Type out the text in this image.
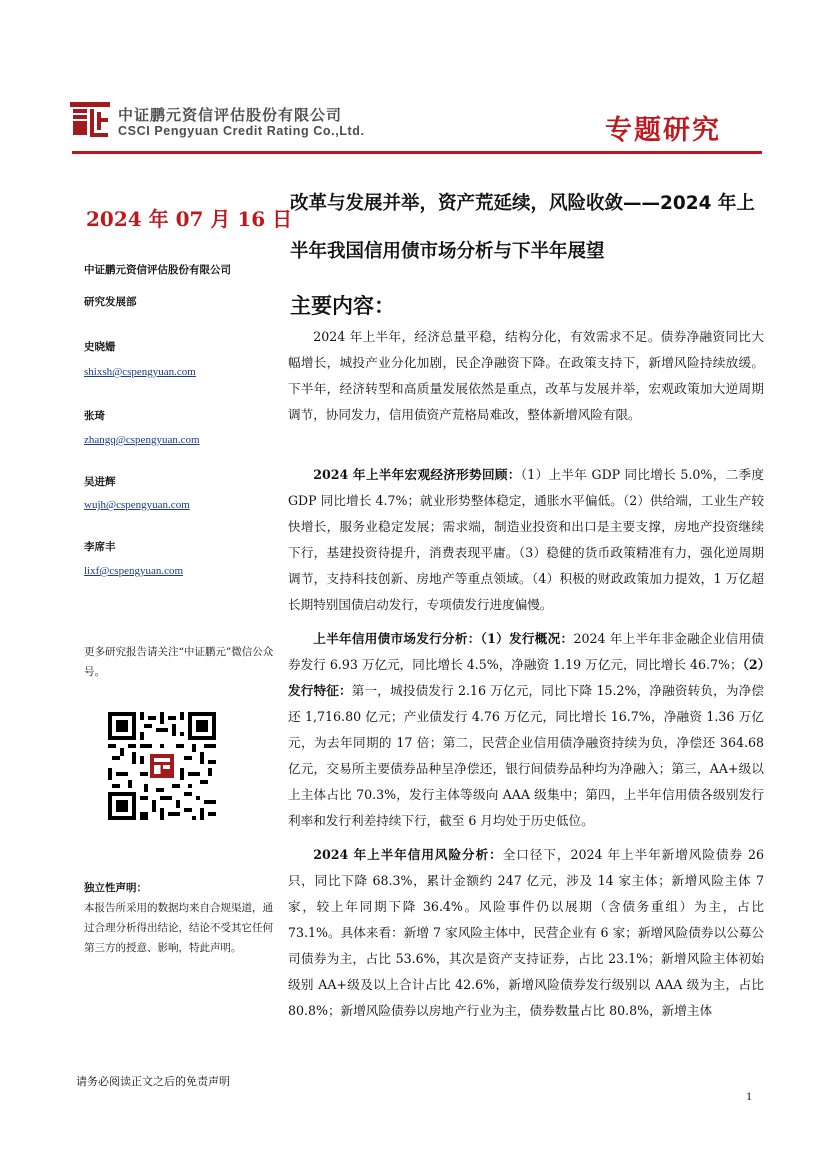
中证鹏元资信评估股份有限公司
CSCI Pengyuan Credit Rating Co.,Ltd.	专题研究
2024 年 07 月 16 日
中证鹏元资信评估股份有限公司
研究发展部
史晓姗
shixsh@cspengyuan.com
张琦
zhangq@cspengyuan.com
吴进辉
wujh@cspengyuan.com
李席丰
lixf@cspengyuan.com
更多研究报告请关注“中证鹏元”微信公众号。
独立性声明：
本报告所采用的数据均来自合规渠道，通过合理分析得出结论，结论不受其它任何第三方的授意、影响，特此声明。
改革与发展并举，资产荒延续，风险收敛——2024 年上半年我国信用债市场分析与下半年展望
主要内容：

2024 年上半年，经济总量平稳，结构分化，有效需求不足。债券净融资同比大幅增长，城投产业分化加剧，民企净融资下降。在政策支持下，新增风险持续放缓。下半年，经济转型和高质量发展依然是重点，改革与发展并举，宏观政策加大逆周期调节，协同发力，信用债资产荒格局难改，整体新增风险有限。

2024 年上半年宏观经济形势回顾：（1）上半年 GDP 同比增长 5.0%，二季度 GDP 同比增长 4.7%；就业形势整体稳定，通胀水平偏低。（2）供给端，工业生产较快增长，服务业稳定发展；需求端，制造业投资和出口是主要支撑，房地产投资继续下行，基建投资待提升，消费表现平庸。（3）稳健的货币政策精准有力，强化逆周期调节，支持科技创新、房地产等重点领域。（4）积极的财政政策加力提效，1 万亿超长期特别国债启动发行，专项债发行进度偏慢。

上半年信用债市场发行分析：（1）发行概况：2024 年上半年非金融企业信用债券发行 6.93 万亿元，同比增长 4.5%，净融资 1.19 万亿元，同比增长 46.7%；（2）发行特征：第一，城投债发行 2.16 万亿元，同比下降 15.2%，净融资转负，为净偿还 1,716.80 亿元；产业债发行 4.76 万亿元，同比增长 16.7%，净融资 1.36 万亿元，为去年同期的 17 倍；第二，民营企业信用债净融资持续为负，净偿还 364.68 亿元，交易所主要债券品种呈净偿还，银行间债券品种均为净融入；第三，AA+级以上主体占比 70.3%，发行主体等级向 AAA 级集中；第四，上半年信用债各级别发行利率和发行利差持续下行，截至 6 月均处于历史低位。

2024 年上半年信用风险分析：全口径下，2024 年上半年新增风险债券 26 只，同比下降 68.3%，累计金额约 247 亿元，涉及 14 家主体；新增风险主体 7 家，较上年同期下降 36.4%。风险事件仍以展期（含债务重组）为主，占比 73.1%。具体来看：新增 7 家风险主体中，民营企业有 6 家；新增风险债券以公募公司债券为主，占比 53.6%，其次是资产支持证券，占比 23.1%；新增风险主体初始级别 AA+级及以上合计占比 42.6%，新增风险债券发行级别以 AAA 级为主，占比 80.8%；新增风险债券以房地产行业为主，债券数量占比 80.8%，新增主体

请务必阅读正文之后的免责声明
1
